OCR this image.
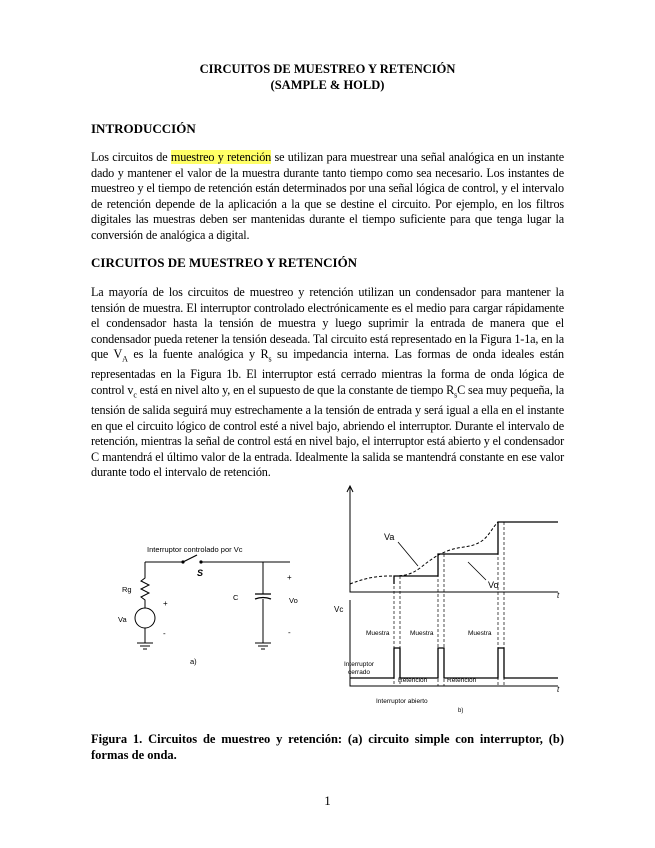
CIRCUITOS DE MUESTREO Y RETENCIÓN
(SAMPLE & HOLD)
INTRODUCCIÓN
Los circuitos de muestreo y retención se utilizan para muestrear una señal analógica en un instante dado y mantener el valor de la muestra durante tanto tiempo como sea necesario. Los instantes de muestreo y el tiempo de retención están determinados por una señal lógica de control, y el intervalo de retención depende de la aplicación a la que se destine el circuito. Por ejemplo, en los filtros digitales las muestras deben ser mantenidas durante el tiempo suficiente para que tenga lugar la conversión de analógica a digital.
CIRCUITOS DE MUESTREO Y RETENCIÓN
La mayoría de los circuitos de muestreo y retención utilizan un condensador para mantener la tensión de muestra. El interruptor controlado electrónicamente es el medio para cargar rápidamente el condensador hasta la tensión de muestra y luego suprimir la entrada de manera que el condensador pueda retener la tensión deseada. Tal circuito está representado en la Figura 1-1a, en la que $V_A$ es la fuente analógica y $R_s$ su impedancia interna. Las formas de onda ideales están representadas en la Figura 1b. El interruptor está cerrado mientras la forma de onda lógica de control $v_c$ está en nivel alto y, en el supuesto de que la constante de tiempo $R_sC$ sea muy pequeña, la tensión de salida seguirá muy estrechamente a la tensión de entrada y será igual a ella en el instante en que el circuito lógico de control esté a nivel bajo, abriendo el interruptor. Durante el intervalo de retención, mientras la señal de control está en nivel bajo, el interruptor está abierto y el condensador C mantendrá el último valor de la entrada. Idealmente la salida se mantendrá constante en ese valor durante todo el intervalo de retención.
Interruptor controlado por Vc
S
Rg
Va
C
+
Vo
-
+
-
a)
t
Va
Vo
Vc
t
Muestra	Muestra	Muestra
Interruptor
cerrado
Retención	Retención
Interruptor abierto
b)
Figura 1. Circuitos de muestreo y retención: (a) circuito simple con interruptor, (b) formas de onda.
1
